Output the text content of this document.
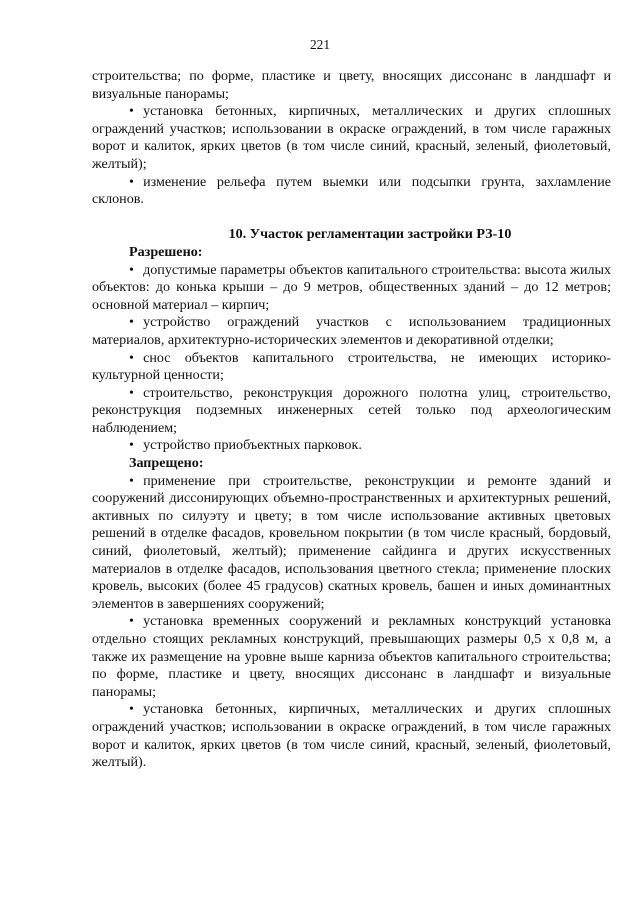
221

строительства; по форме, пластике и цвету, вносящих диссонанс в ландшафт и визуальные панорамы;

• установка бетонных, кирпичных, металлических и других сплошных ограждений участков; использовании в окраске ограждений, в том числе гаражных ворот и калиток, ярких цветов (в том числе синий, красный, зеленый, фиолетовый, желтый);

• изменение рельефа путем выемки или подсыпки грунта, захламление склонов.

10. Участок регламентации застройки РЗ-10

Разрешено:

• допустимые параметры объектов капитального строительства: высота жилых объектов: до конька крыши – до 9 метров, общественных зданий – до 12 метров; основной материал – кирпич;

• устройство ограждений участков с использованием традиционных материалов, архитектурно-исторических элементов и декоративной отделки;

• снос объектов капитального строительства, не имеющих историко-культурной ценности;

• строительство, реконструкция дорожного полотна улиц, строительство, реконструкция подземных инженерных сетей только под археологическим наблюдением;

• устройство приобъектных парковок.

Запрещено:

• применение при строительстве, реконструкции и ремонте зданий и сооружений диссонирующих объемно-пространственных и архитектурных решений, активных по силуэту и цвету; в том числе использование активных цветовых решений в отделке фасадов, кровельном покрытии (в том числе красный, бордовый, синий, фиолетовый, желтый); применение сайдинга и других искусственных материалов в отделке фасадов, использования цветного стекла; применение плоских кровель, высоких (более 45 градусов) скатных кровель, башен и иных доминантных элементов в завершениях сооружений;

• установка временных сооружений и рекламных конструкций установка отдельно стоящих рекламных конструкций, превышающих размеры 0,5 х 0,8 м, а также их размещение на уровне выше карниза объектов капитального строительства; по форме, пластике и цвету, вносящих диссонанс в ландшафт и визуальные панорамы;

• установка бетонных, кирпичных, металлических и других сплошных ограждений участков; использовании в окраске ограждений, в том числе гаражных ворот и калиток, ярких цветов (в том числе синий, красный, зеленый, фиолетовый, желтый).
